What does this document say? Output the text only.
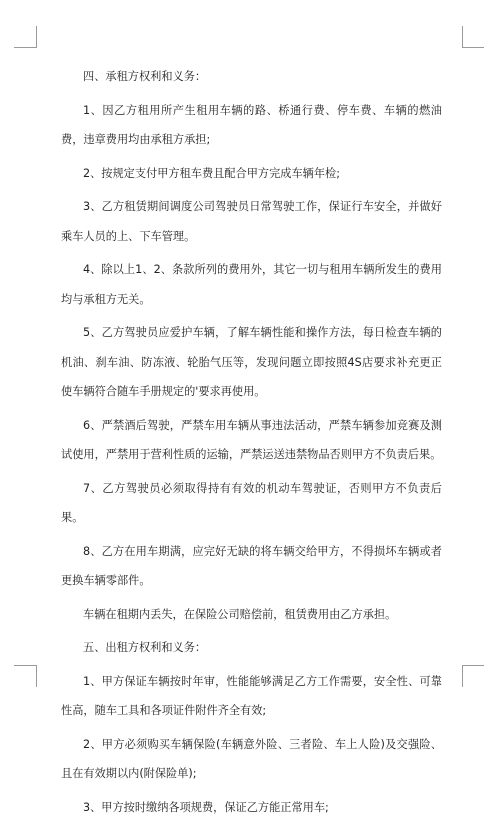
四、承租方权利和义务：

1、因乙方租用所产生租用车辆的路、桥通行费、停车费、车辆的燃油费，违章费用均由承租方承担;

2、按规定支付甲方租车费且配合甲方完成车辆年检;

3、乙方租赁期间调度公司驾驶员日常驾驶工作，保证行车安全，并做好乘车人员的上、下车管理。

4、除以上1、2、条款所列的费用外，其它一切与租用车辆所发生的费用均与承租方无关。

5、乙方驾驶员应爱护车辆，了解车辆性能和操作方法，每日检查车辆的机油、刹车油、防冻液、轮胎气压等，发现问题立即按照4S店要求补充更正使车辆符合随车手册规定的'要求再使用。

6、严禁酒后驾驶，严禁车用车辆从事违法活动，严禁车辆参加竞赛及测试使用，严禁用于营利性质的运输，严禁运送违禁物品否则甲方不负责后果。

7、乙方驾驶员必须取得持有有效的机动车驾驶证，否则甲方不负责后果。

8、乙方在用车期满，应完好无缺的将车辆交给甲方，不得损坏车辆或者更换车辆零部件。

车辆在租期内丢失，在保险公司赔偿前，租赁费用由乙方承担。

五、出租方权利和义务：

1、甲方保证车辆按时年审，性能能够满足乙方工作需要，安全性、可靠性高，随车工具和各项证件附件齐全有效;

2、甲方必须购买车辆保险(车辆意外险、三者险、车上人险)及交强险、且在有效期以内(附保险单);

3、甲方按时缴纳各项规费，保证乙方能正常用车;
